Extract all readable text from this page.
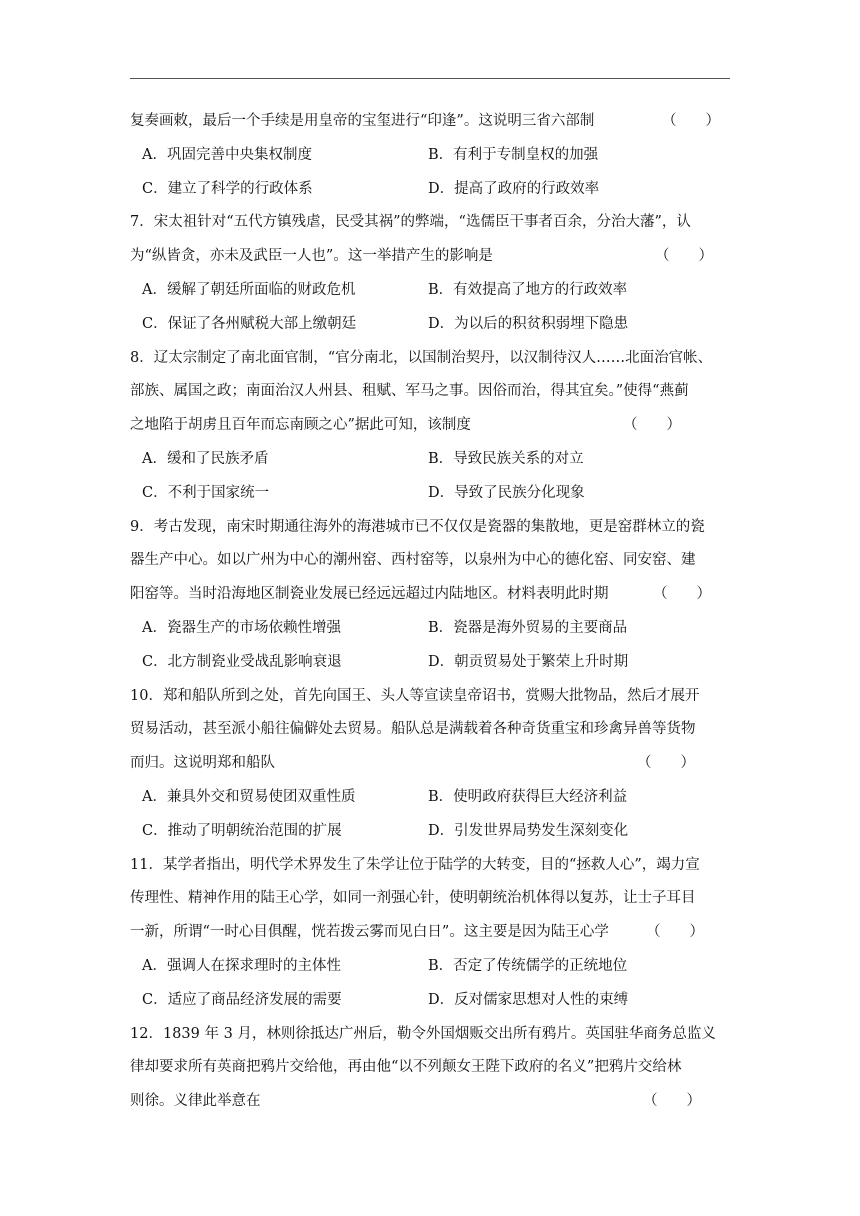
复奏画敕，最后一个手续是用皇帝的宝玺进行“印逢”。这说明三省六部制	（　　）
A．巩固完善中央集权制度	B．有利于专制皇权的加强
C．建立了科学的行政体系	D．提高了政府的行政效率
7．宋太祖针对“五代方镇残虐，民受其祸”的弊端，“选儒臣干事者百余，分治大藩”，认
为“纵皆贪，亦未及武臣一人也”。这一举措产生的影响是	（　　）
A．缓解了朝廷所面临的财政危机	B．有效提高了地方的行政效率
C．保证了各州赋税大部上缴朝廷	D．为以后的积贫积弱埋下隐患
8．辽太宗制定了南北面官制，“官分南北，以国制治契丹，以汉制待汉人……北面治官帐、
部族、属国之政；南面治汉人州县、租赋、军马之事。因俗而治，得其宜矣。”使得“燕蓟
之地陷于胡虏且百年而忘南顾之心”据此可知，该制度	（　　）
A．缓和了民族矛盾	B．导致民族关系的对立
C．不利于国家统一	D．导致了民族分化现象
9．考古发现，南宋时期通往海外的海港城市已不仅仅是瓷器的集散地，更是窑群林立的瓷
器生产中心。如以广州为中心的潮州窑、西村窑等，以泉州为中心的德化窑、同安窑、建
阳窑等。当时沿海地区制瓷业发展已经远远超过内陆地区。材料表明此时期	（　　）
A．瓷器生产的市场依赖性增强	B．瓷器是海外贸易的主要商品
C．北方制瓷业受战乱影响衰退	D．朝贡贸易处于繁荣上升时期
10．郑和船队所到之处，首先向国王、头人等宣读皇帝诏书，赏赐大批物品，然后才展开
贸易活动，甚至派小船往偏僻处去贸易。船队总是满载着各种奇货重宝和珍禽异兽等货物
而归。这说明郑和船队	（　　）
A．兼具外交和贸易使团双重性质	B．使明政府获得巨大经济利益
C．推动了明朝统治范围的扩展	D．引发世界局势发生深刻变化
11．某学者指出，明代学术界发生了朱学让位于陆学的大转变，目的“拯救人心”，竭力宣
传理性、精神作用的陆王心学，如同一剂强心针，使明朝统治机体得以复苏，让士子耳目
一新，所谓“一时心目俱醒，恍若拨云雾而见白日”。这主要是因为陆王心学	（　　）
A．强调人在探求理时的主体性	B．否定了传统儒学的正统地位
C．适应了商品经济发展的需要	D．反对儒家思想对人性的束缚
12．1839 年 3 月，林则徐抵达广州后，勒令外国烟贩交出所有鸦片。英国驻华商务总监义
律却要求所有英商把鸦片交给他，再由他“以不列颠女王陛下政府的名义”把鸦片交给林
则徐。义律此举意在	（　　）
